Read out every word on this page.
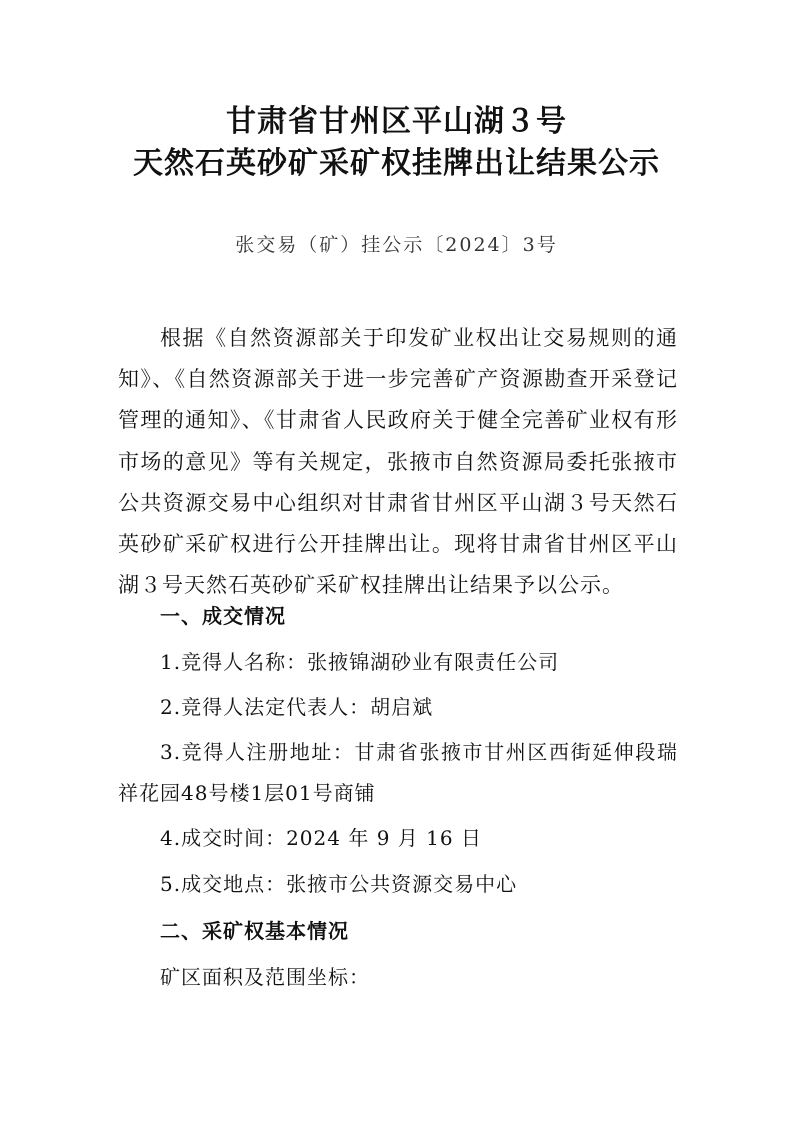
甘肃省甘州区平山湖３号
天然石英砂矿采矿权挂牌出让结果公示
张交易（矿）挂公示〔2024〕3号
根据《自然资源部关于印发矿业权出让交易规则的通知》、《自然资源部关于进一步完善矿产资源勘查开采登记管理的通知》、《甘肃省人民政府关于健全完善矿业权有形市场的意见》等有关规定，张掖市自然资源局委托张掖市公共资源交易中心组织对甘肃省甘州区平山湖３号天然石英砂矿采矿权进行公开挂牌出让。现将甘肃省甘州区平山湖３号天然石英砂矿采矿权挂牌出让结果予以公示。
一、成交情况
1.竞得人名称：张掖锦湖砂业有限责任公司
2.竞得人法定代表人：胡启斌
3.竞得人注册地址：甘肃省张掖市甘州区西街延伸段瑞祥花园48号楼1层01号商铺
4.成交时间：2024 年 9 月 16 日
5.成交地点：张掖市公共资源交易中心
二、采矿权基本情况
矿区面积及范围坐标：
